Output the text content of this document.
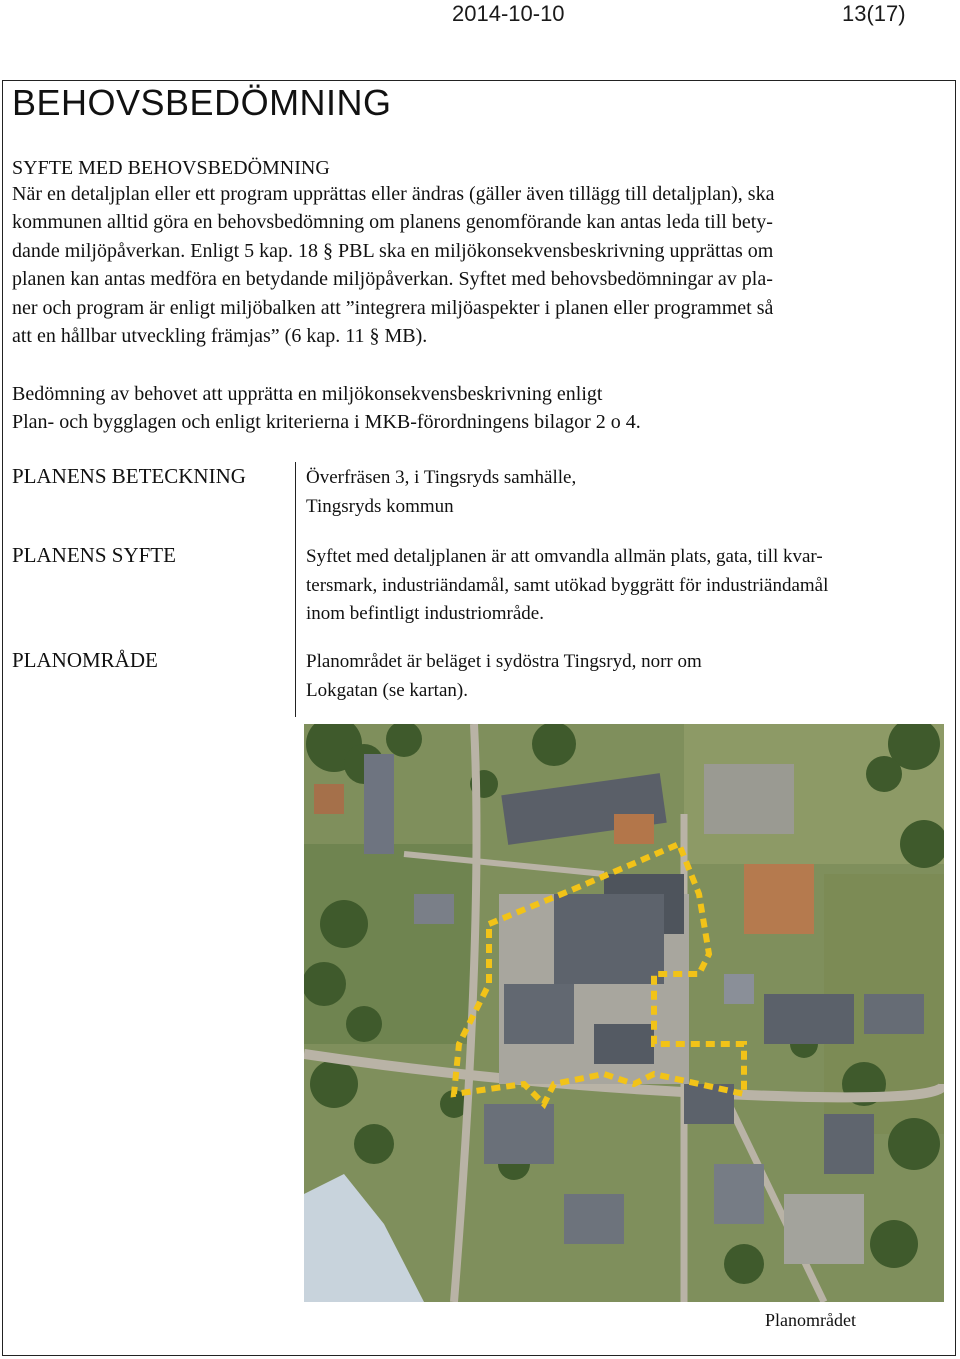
2014-10-10	13(17)
BEHOVSBEDÖMNING
SYFTE MED BEHOVSBEDÖMNING
När en detaljplan eller ett program upprättas eller ändras (gäller även tillägg till detaljplan), ska
kommunen alltid göra en behovsbedömning om planens genomförande kan antas leda till bety-
dande miljöpåverkan. Enligt 5 kap. 18 § PBL ska en miljökonsekvensbeskrivning upprättas om
planen kan antas medföra en betydande miljöpåverkan. Syftet med behovsbedömningar av pla-
ner och program är enligt miljöbalken att ”integrera miljöaspekter i planen eller programmet så
att en hållbar utveckling främjas” (6 kap. 11 § MB).
Bedömning av behovet att upprätta en miljökonsekvensbeskrivning enligt
Plan- och bygglagen och enligt kriterierna i MKB-förordningens bilagor 2 o 4.
PLANENS BETECKNING	Överfräsen 3, i Tingsryds samhälle,
Tingsryds kommun
PLANENS SYFTE	Syftet med detaljplanen är att omvandla allmän plats, gata, till kvar-
tersmark, industriändamål, samt utökad byggrätt för industriändamål
inom befintligt industriområde.
PLANOMRÅDE	Planområdet är beläget i sydöstra Tingsryd, norr om
Lokgatan (se kartan).
Planområdet
